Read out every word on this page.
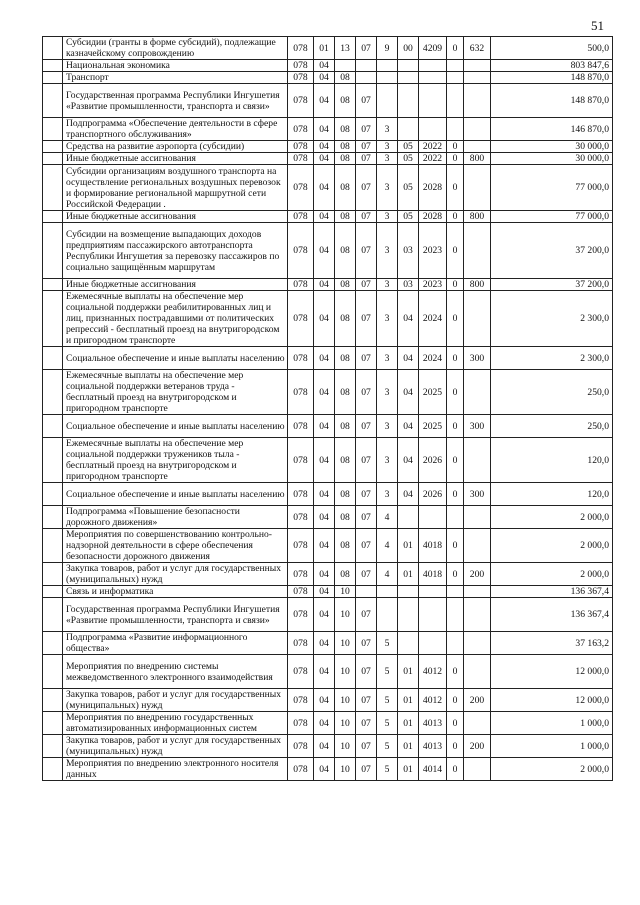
51
	Субсидии (гранты в форме субсидий), подлежащие казначейскому сопровождению	078	01	13	07	9	00	4209	0	632	500,0
	Национальная экономика	078	04								803 847,6
	Транспорт	078	04	08							148 870,0
	Государственная программа Республики Ингушетия «Развитие промышленности, транспорта и связи»	078	04	08	07						148 870,0
	Подпрограмма «Обеспечение деятельности в сфере транспортного обслуживания»	078	04	08	07	3					146 870,0
	Средства на развитие аэропорта (субсидии)	078	04	08	07	3	05	2022	0		30 000,0
	Иные бюджетные ассигнования	078	04	08	07	3	05	2022	0	800	30 000,0
	Субсидии организациям воздушного транспорта на осуществление региональных воздушных перевозок и формирование региональной маршрутной сети Российской Федерации .	078	04	08	07	3	05	2028	0		77 000,0
	Иные бюджетные ассигнования	078	04	08	07	3	05	2028	0	800	77 000,0
	Субсидии на возмещение выпадающих доходов предприятиям пассажирского автотранспорта Республики Ингушетия за перевозку пассажиров по социально защищённым маршрутам	078	04	08	07	3	03	2023	0		37 200,0
	Иные бюджетные ассигнования	078	04	08	07	3	03	2023	0	800	37 200,0
	Ежемесячные выплаты на обеспечение мер социальной поддержки реабилитированных лиц и лиц, признанных пострадавшими от политических репрессий - бесплатный проезд на внутригородском и пригородном транспорте	078	04	08	07	3	04	2024	0		2 300,0
	Социальное обеспечение и иные выплаты населению	078	04	08	07	3	04	2024	0	300	2 300,0
	Ежемесячные выплаты на обеспечение мер социальной поддержки ветеранов труда - бесплатный проезд на внутригородском и пригородном транспорте	078	04	08	07	3	04	2025	0		250,0
	Социальное обеспечение и иные выплаты населению	078	04	08	07	3	04	2025	0	300	250,0
	Ежемесячные выплаты на обеспечение мер социальной поддержки тружеников тыла - бесплатный проезд на внутригородском и пригородном транспорте	078	04	08	07	3	04	2026	0		120,0
	Социальное обеспечение и иные выплаты населению	078	04	08	07	3	04	2026	0	300	120,0
	Подпрограмма «Повышение безопасности дорожного движения»	078	04	08	07	4					2 000,0
	Мероприятия по совершенствованию контрольно-надзорной деятельности в сфере обеспечения безопасности дорожного движения	078	04	08	07	4	01	4018	0		2 000,0
	Закупка товаров, работ и услуг для государственных (муниципальных) нужд	078	04	08	07	4	01	4018	0	200	2 000,0
	Связь и информатика	078	04	10							136 367,4
	Государственная программа Республики Ингушетия «Развитие промышленности, транспорта и связи»	078	04	10	07						136 367,4
	Подпрограмма «Развитие информационного общества»	078	04	10	07	5					37 163,2
	Мероприятия по внедрению системы межведомственного электронного взаимодействия	078	04	10	07	5	01	4012	0		12 000,0
	Закупка товаров, работ и услуг для государственных (муниципальных) нужд	078	04	10	07	5	01	4012	0	200	12 000,0
	Мероприятия по внедрению государственных автоматизированных информационных систем	078	04	10	07	5	01	4013	0		1 000,0
	Закупка товаров, работ и услуг для государственных (муниципальных) нужд	078	04	10	07	5	01	4013	0	200	1 000,0
	Мероприятия по внедрению электронного носителя данных	078	04	10	07	5	01	4014	0		2 000,0
